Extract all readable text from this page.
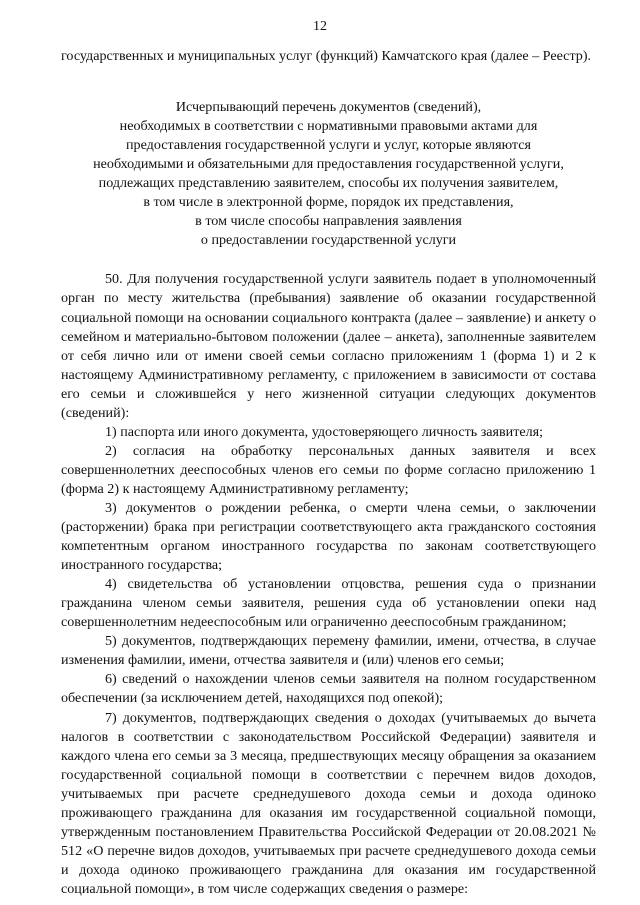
12

государственных и муниципальных услуг (функций) Камчатского края (далее – Реестр).

Исчерпывающий перечень документов (сведений),
необходимых в соответствии с нормативными правовыми актами для
предоставления государственной услуги и услуг, которые являются
необходимыми и обязательными для предоставления государственной услуги,
подлежащих представлению заявителем, способы их получения заявителем,
в том числе в электронной форме, порядок их представления,
в том числе способы направления заявления
о предоставлении государственной услуги

50. Для получения государственной услуги заявитель подает в уполномоченный орган по месту жительства (пребывания) заявление об оказании государственной социальной помощи на основании социального контракта (далее – заявление) и анкету о семейном и материально-бытовом положении (далее – анкета), заполненные заявителем от себя лично или от имени своей семьи согласно приложениям 1 (форма 1) и 2 к настоящему Административному регламенту, с приложением в зависимости от состава его семьи и сложившейся у него жизненной ситуации следующих документов (сведений):

1) паспорта или иного документа, удостоверяющего личность заявителя;

2) согласия на обработку персональных данных заявителя и всех совершеннолетних дееспособных членов его семьи по форме согласно приложению 1 (форма 2) к настоящему Административному регламенту;

3) документов о рождении ребенка, о смерти члена семьи, о заключении (расторжении) брака при регистрации соответствующего акта гражданского состояния компетентным органом иностранного государства по законам соответствующего иностранного государства;

4) свидетельства об установлении отцовства, решения суда о признании гражданина членом семьи заявителя, решения суда об установлении опеки над совершеннолетним недееспособным или ограниченно дееспособным гражданином;

5) документов, подтверждающих перемену фамилии, имени, отчества, в случае изменения фамилии, имени, отчества заявителя и (или) членов его семьи;

6) сведений о нахождении членов семьи заявителя на полном государственном обеспечении (за исключением детей, находящихся под опекой);

7) документов, подтверждающих сведения о доходах (учитываемых до вычета налогов в соответствии с законодательством Российской Федерации) заявителя и каждого члена его семьи за 3 месяца, предшествующих месяцу обращения за оказанием государственной социальной помощи в соответствии с перечнем видов доходов, учитываемых при расчете среднедушевого дохода семьи и дохода одиноко проживающего гражданина для оказания им государственной социальной помощи, утвержденным постановлением Правительства Российской Федерации от 20.08.2021 № 512 «О перечне видов доходов, учитываемых при расчете среднедушевого дохода семьи и дохода одиноко проживающего гражданина для оказания им государственной социальной помощи», в том числе содержащих сведения о размере:
